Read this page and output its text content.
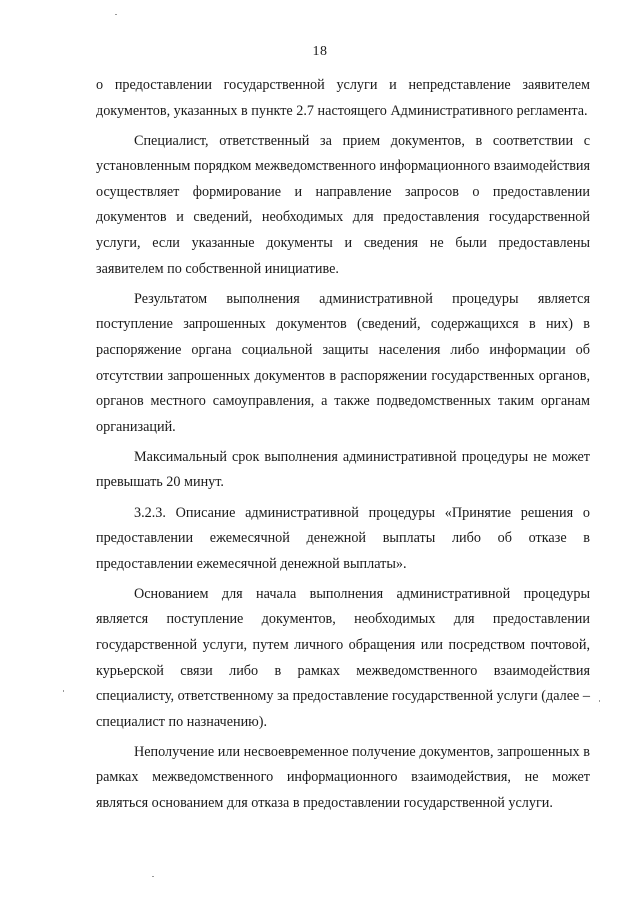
18

о предоставлении государственной услуги и непредставление заявителем документов, указанных в пункте 2.7 настоящего Административного регламента.

Специалист, ответственный за прием документов, в соответствии с установленным порядком межведомственного информационного взаимодействия осуществляет формирование и направление запросов о предоставлении документов и сведений, необходимых для предоставления государственной услуги, если указанные документы и сведения не были предоставлены заявителем по собственной инициативе.

Результатом выполнения административной процедуры является поступление запрошенных документов (сведений, содержащихся в них) в распоряжение органа социальной защиты населения либо информации об отсутствии запрошенных документов в распоряжении государственных органов, органов местного самоуправления, а также подведомственных таким органам организаций.

Максимальный срок выполнения административной процедуры не может превышать 20 минут.

3.2.3. Описание административной процедуры «Принятие решения о предоставлении ежемесячной денежной выплаты либо об отказе в предоставлении ежемесячной денежной выплаты».

Основанием для начала выполнения административной процедуры является поступление документов, необходимых для предоставлении государственной услуги, путем личного обращения или посредством почтовой, курьерской связи либо в рамках межведомственного взаимодействия специалисту, ответственному за предоставление государственной услуги (далее – специалист по назначению).

Неполучение или несвоевременное получение документов, запрошенных в рамках межведомственного информационного взаимодействия, не может являться основанием для отказа в предоставлении государственной услуги.
